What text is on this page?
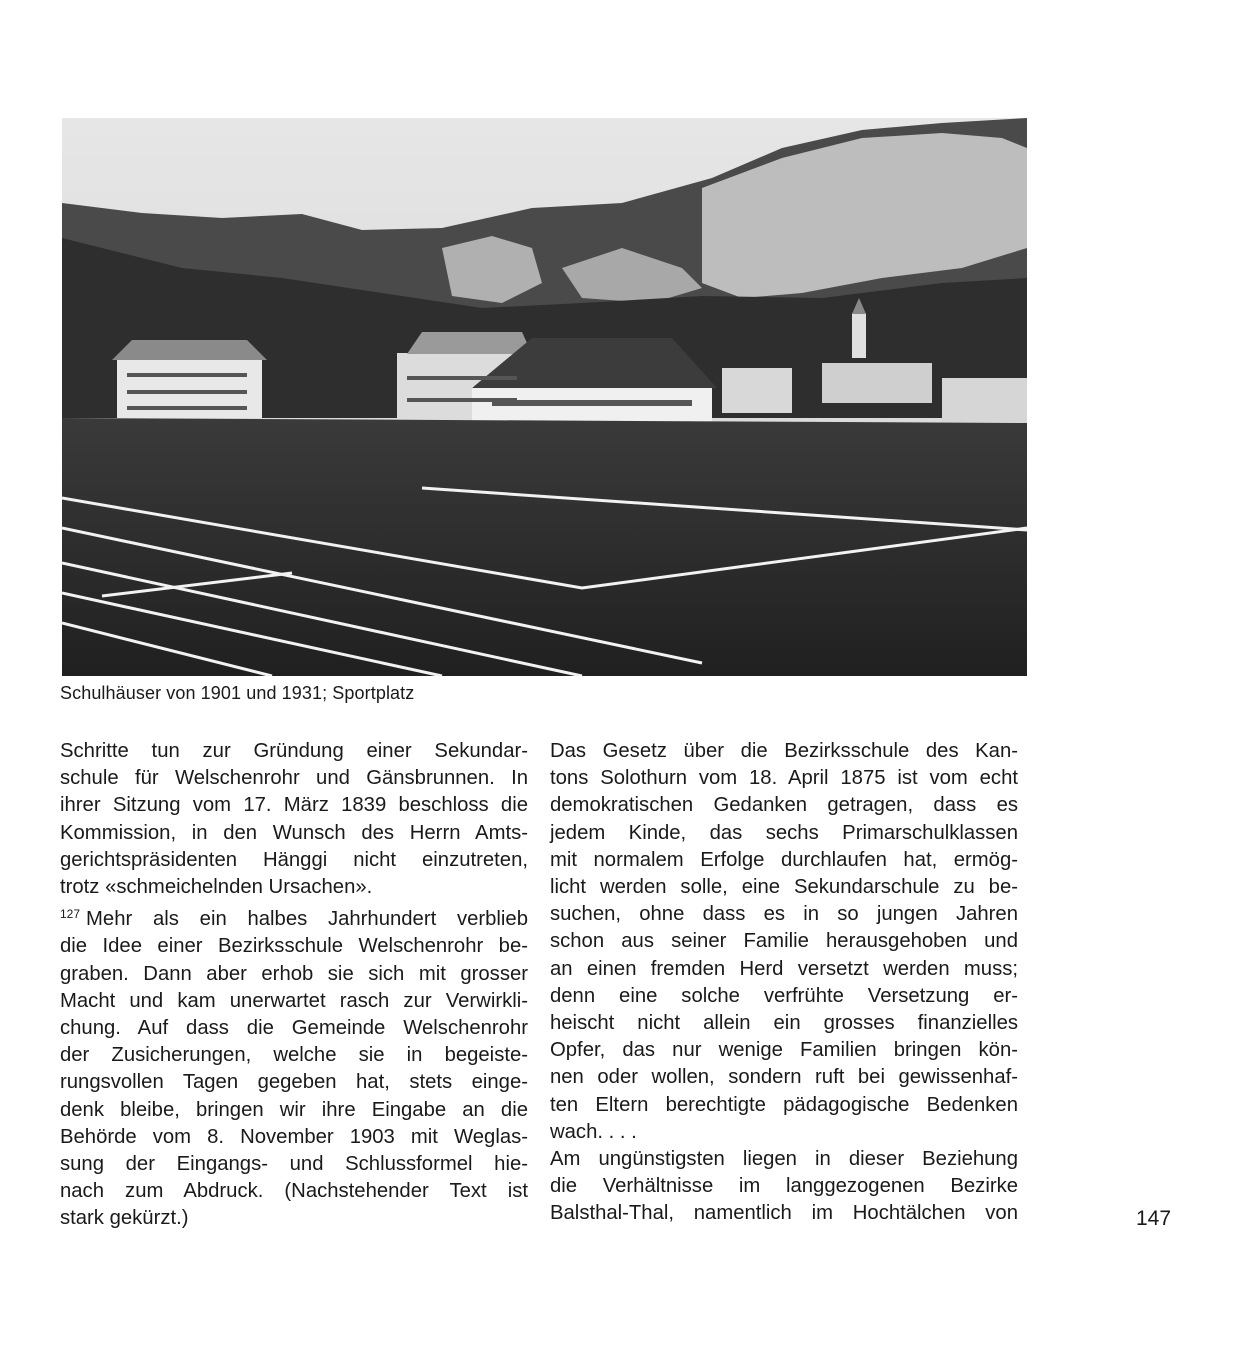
Schulhäuser von 1901 und 1931; Sportplatz

Schritte tun zur Gründung einer Sekundar-

schule für Welschenrohr und Gänsbrunnen. In

ihrer Sitzung vom 17. März 1839 beschloss die

Kommission, in den Wunsch des Herrn Amts-

gerichtspräsidenten Hänggi nicht einzutreten,

trotz «schmeichelnden Ursachen».

$^{127}$ Mehr als ein halbes Jahrhundert verblieb

die Idee einer Bezirksschule Welschenrohr be-

graben. Dann aber erhob sie sich mit grosser

Macht und kam unerwartet rasch zur Verwirkli-

chung. Auf dass die Gemeinde Welschenrohr

der Zusicherungen, welche sie in begeiste-

rungsvollen Tagen gegeben hat, stets einge-

denk bleibe, bringen wir ihre Eingabe an die

Behörde vom 8. November 1903 mit Weglas-

sung der Eingangs- und Schlussformel hie-

nach zum Abdruck. (Nachstehender Text ist

stark gekürzt.)

Das Gesetz über die Bezirksschule des Kan-

tons Solothurn vom 18. April 1875 ist vom echt

demokratischen Gedanken getragen, dass es

jedem Kinde, das sechs Primarschulklassen

mit normalem Erfolge durchlaufen hat, ermög-

licht werden solle, eine Sekundarschule zu be-

suchen, ohne dass es in so jungen Jahren

schon aus seiner Familie herausgehoben und

an einen fremden Herd versetzt werden muss;

denn eine solche verfrühte Versetzung er-

heischt nicht allein ein grosses finanzielles

Opfer, das nur wenige Familien bringen kön-

nen oder wollen, sondern ruft bei gewissenhaf-

ten Eltern berechtigte pädagogische Bedenken

wach. . . .

Am ungünstigsten liegen in dieser Beziehung

die Verhältnisse im langgezogenen Bezirke

Balsthal-Thal, namentlich im Hochtälchen von	147
